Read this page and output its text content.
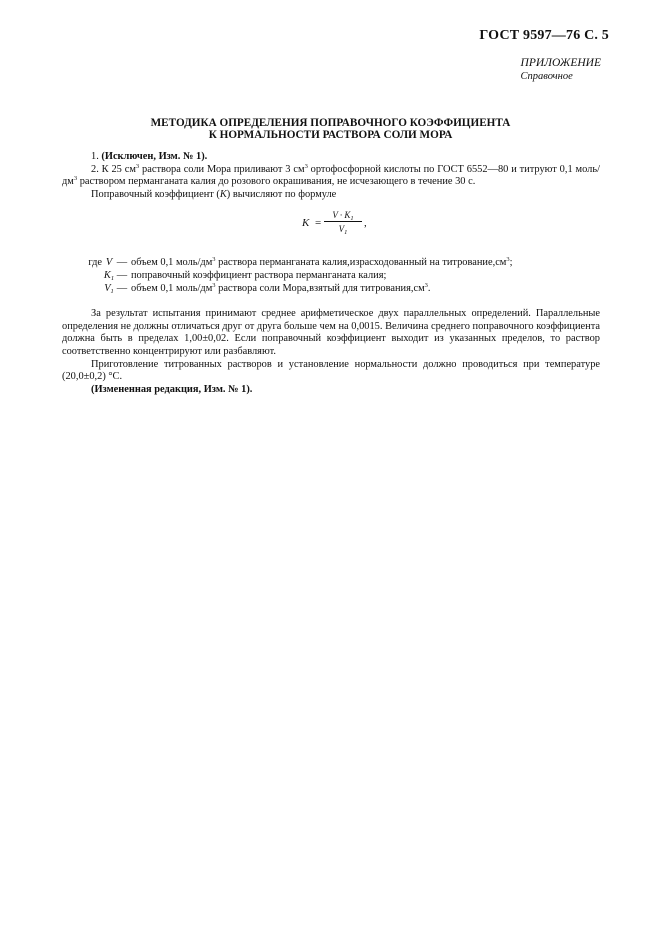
ГОСТ 9597—76 С. 5
ПРИЛОЖЕНИЕ
Справочное
МЕТОДИКА ОПРЕДЕЛЕНИЯ ПОПРАВОЧНОГО КОЭФФИЦИЕНТА
К НОРМАЛЬНОСТИ РАСТВОРА СОЛИ МОРА

1. (Исключен, Изм. № 1).

2. К 25 $см^3$ раствора соли Мора приливают 3 $см^3$ ортофосфорной кислоты по ГОСТ 6552—80 и титруют 0,1 моль/$дм^3$ раствором перманганата калия до розового окрашивания, не исчезающего в течение 30 с.

Поправочный коэффициент (K) вычисляют по формуле

K =
$V \cdot K_1$
$V_1$
,
где V — объем 0,1 моль/$дм^3$ раствора перманганата калия,израсходованный на $титрование,см^3$;
$K_1$ — поправочный коэффициент раствора перманганата калия;
$V_1$ — объем 0,1 моль/$дм^3$ раствора соли Мора,взятый для $титрования,см^3$.

За результат испытания принимают среднее арифметическое двух параллельных определений. Параллельные определения не должны отличаться друг от друга больше чем на 0,0015. Величина среднего поправочного коэффициента должна быть в пределах 1,00±0,02. Если поправочный коэффициент выходит из указанных пределов, то раствор соответственно концентрируют или разбавляют.

Приготовление титрованных растворов и установление нормальности должно проводиться при температуре (20,0±0,2) °С.

(Измененная редакция, Изм. № 1).
